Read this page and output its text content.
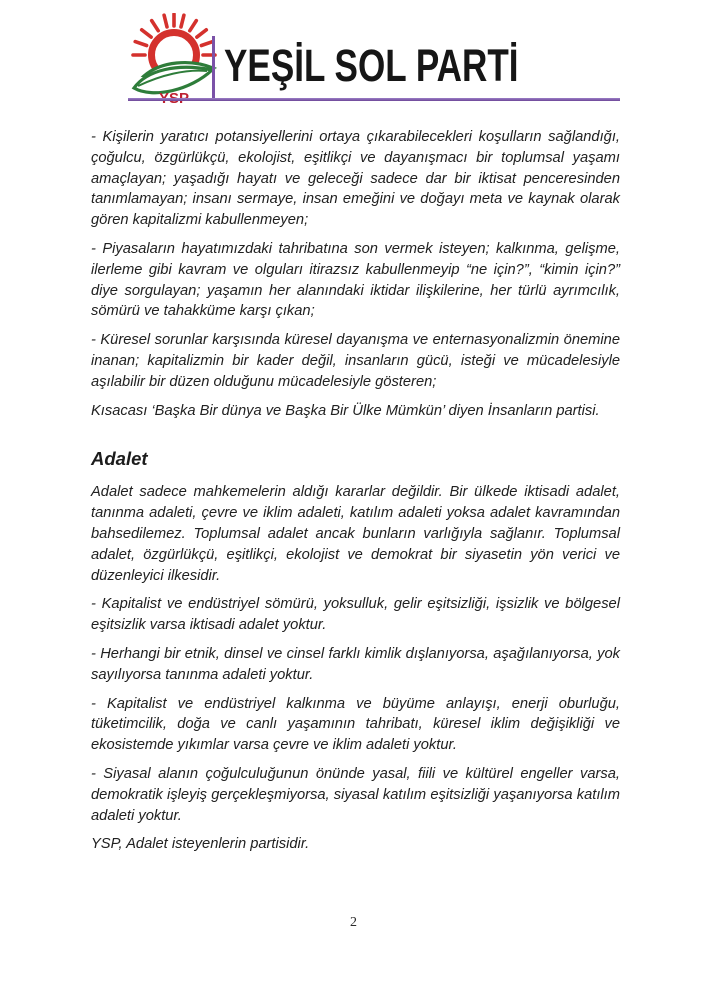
YEŞİL SOL PARTİ

- Kişilerin yaratıcı potansiyellerini ortaya çıkarabilecekleri koşulların sağlandığı, çoğulcu, özgürlükçü, ekolojist, eşitlikçi ve dayanışmacı bir toplumsal yaşamı amaçlayan; yaşadığı hayatı ve geleceği sadece dar bir iktisat penceresinden tanımlamayan; insanı sermaye, insan emeğini ve doğayı meta ve kaynak olarak gören kapitalizmi kabullenmeyen;

- Piyasaların hayatımızdaki tahribatına son vermek isteyen; kalkınma, gelişme, ilerleme gibi kavram ve olguları itirazsız kabullenmeyip “ne için?”, “kimin için?” diye sorgulayan; yaşamın her alanındaki iktidar ilişkilerine, her türlü ayrımcılık, sömürü ve tahakküme karşı çıkan;

- Küresel sorunlar karşısında küresel dayanışma ve enternasyonalizmin önemine inanan; kapitalizmin bir kader değil, insanların gücü, isteği ve mücadelesiyle aşılabilir bir düzen olduğunu mücadelesiyle gösteren;

Kısacası ‘Başka Bir dünya ve Başka Bir Ülke Mümkün’ diyen İnsanların partisi.

Adalet

Adalet sadece mahkemelerin aldığı kararlar değildir. Bir ülkede iktisadi adalet, tanınma adaleti, çevre ve iklim adaleti, katılım adaleti yoksa adalet kavramından bahsedilemez. Toplumsal adalet ancak bunların varlığıyla sağlanır. Toplumsal adalet, özgürlükçü, eşitlikçi, ekolojist ve demokrat bir siyasetin yön verici ve düzenleyici ilkesidir.

- Kapitalist ve endüstriyel sömürü, yoksulluk, gelir eşitsizliği, işsizlik ve bölgesel eşitsizlik varsa iktisadi adalet yoktur.

- Herhangi bir etnik, dinsel ve cinsel farklı kimlik dışlanıyorsa, aşağılanıyorsa, yok sayılıyorsa tanınma adaleti yoktur.

- Kapitalist ve endüstriyel kalkınma ve büyüme anlayışı, enerji oburluğu, tüketimcilik, doğa ve canlı yaşamının tahribatı, küresel iklim değişikliği ve ekosistemde yıkımlar varsa çevre ve iklim adaleti yoktur.

- Siyasal alanın çoğulculuğunun önünde yasal, fiili ve kültürel engeller varsa, demokratik işleyiş gerçekleşmiyorsa, siyasal katılım eşitsizliği yaşanıyorsa katılım adaleti yoktur.

YSP, Adalet isteyenlerin partisidir.

2
